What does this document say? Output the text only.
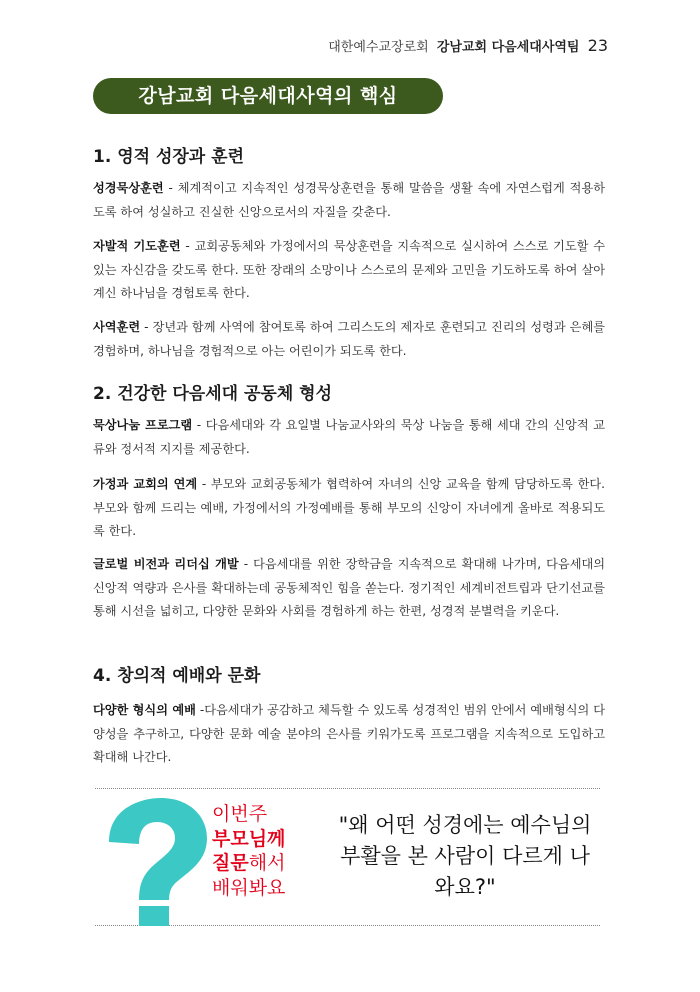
대한예수교장로회 강남교회 다음세대사역팀 23
강남교회 다음세대사역의 핵심
1. 영적 성장과 훈련
성경묵상훈련 - 체계적이고 지속적인 성경묵상훈련을 통해 말씀을 생활 속에 자연스럽게 적용하도록 하여 성실하고 진실한 신앙으로서의 자질을 갖춘다.
자발적 기도훈련 - 교회공동체와 가정에서의 묵상훈련을 지속적으로 실시하여 스스로 기도할 수 있는 자신감을 갖도록 한다. 또한 장래의 소망이나 스스로의 문제와 고민을 기도하도록 하여 살아계신 하나님을 경험토록 한다.
사역훈련 - 장년과 함께 사역에 참여토록 하여 그리스도의 제자로 훈련되고 진리의 성령과 은혜를 경험하며, 하나님을 경험적으로 아는 어린이가 되도록 한다.
2. 건강한 다음세대 공동체 형성
묵상나눔 프로그램 - 다음세대와 각 요일별 나눔교사와의 묵상 나눔을 통해 세대 간의 신앙적 교류와 정서적 지지를 제공한다.
가정과 교회의 연계 - 부모와 교회공동체가 협력하여 자녀의 신앙 교육을 함께 담당하도록 한다. 부모와 함께 드리는 예배, 가정에서의 가정예배를 통해 부모의 신앙이 자녀에게 올바로 적용되도록 한다.
글로벌 비전과 리더십 개발 - 다음세대를 위한 장학금을 지속적으로 확대해 나가며, 다음세대의 신앙적 역량과 은사를 확대하는데 공동체적인 힘을 쏟는다. 정기적인 세계비전트립과 단기선교를 통해 시선을 넓히고, 다양한 문화와 사회를 경험하게 하는 한편, 성경적 분별력을 키운다.
4. 창의적 예배와 문화
다양한 형식의 예배 -다음세대가 공감하고 체득할 수 있도록 성경적인 범위 안에서 예배형식의 다양성을 추구하고, 다양한 문화 예술 분야의 은사를 키워가도록 프로그램을 지속적으로 도입하고 확대해 나간다.
이번주
부모님께
질문해서
배워봐요
"왜 어떤 성경에는 예수님의 부활을 본 사람이 다르게 나와요?"
